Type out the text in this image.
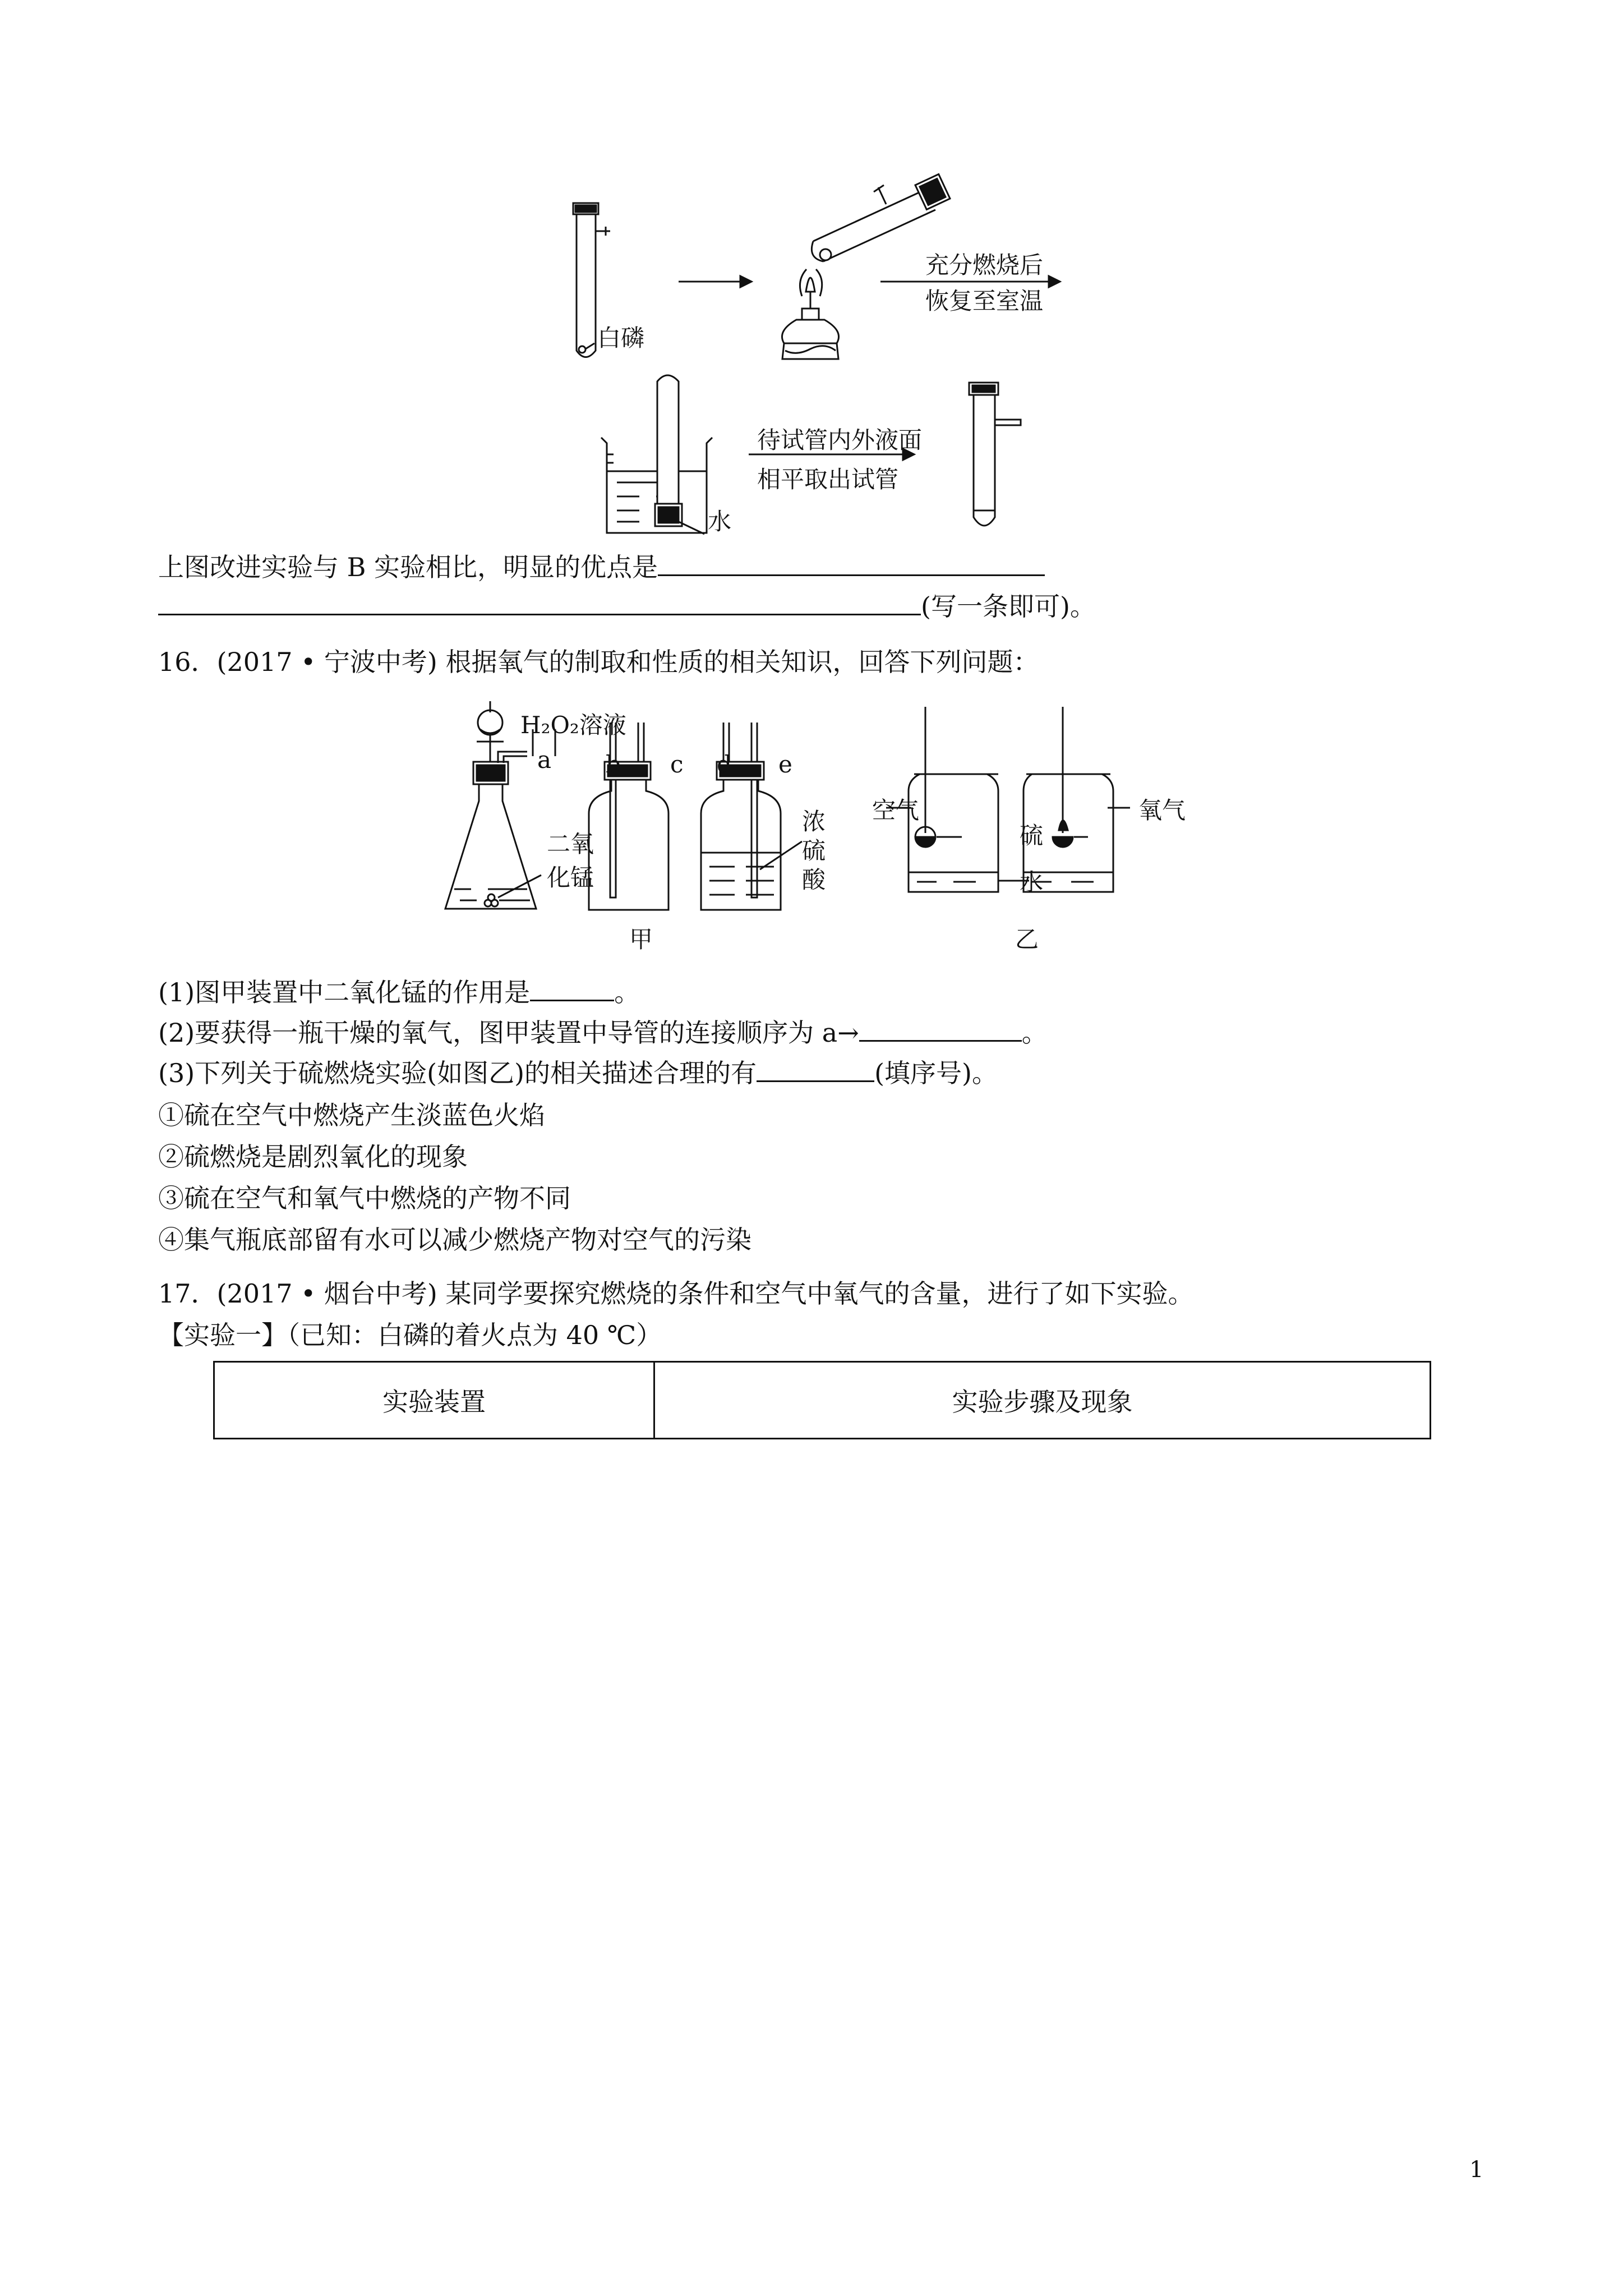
白磷
充分燃烧后
恢复至室温
水
待试管内外液面
相平取出试管
上图改进实验与 B 实验相比，明显的优点是
(写一条即可)。
16．(2017 • 宁波中考) 根据氧气的制取和性质的相关知识，回答下列问题：
H₂O₂溶液
a b c d e
二氧
化锰
浓
硫
酸
甲
空气
硫
氧气
水
乙
(1)图甲装置中二氧化锰的作用是	。
(2)要获得一瓶干燥的氧气，图甲装置中导管的连接顺序为 a→	。
(3)下列关于硫燃烧实验(如图乙)的相关描述合理的有	(填序号)。
①硫在空气中燃烧产生淡蓝色火焰
②硫燃烧是剧烈氧化的现象
③硫在空气和氧气中燃烧的产物不同
④集气瓶底部留有水可以减少燃烧产物对空气的污染
17．(2017 • 烟台中考) 某同学要探究燃烧的条件和空气中氧气的含量，进行了如下实验。
【实验一】（已知：白磷的着火点为 40 ℃）
实验装置	实验步骤及现象
1
